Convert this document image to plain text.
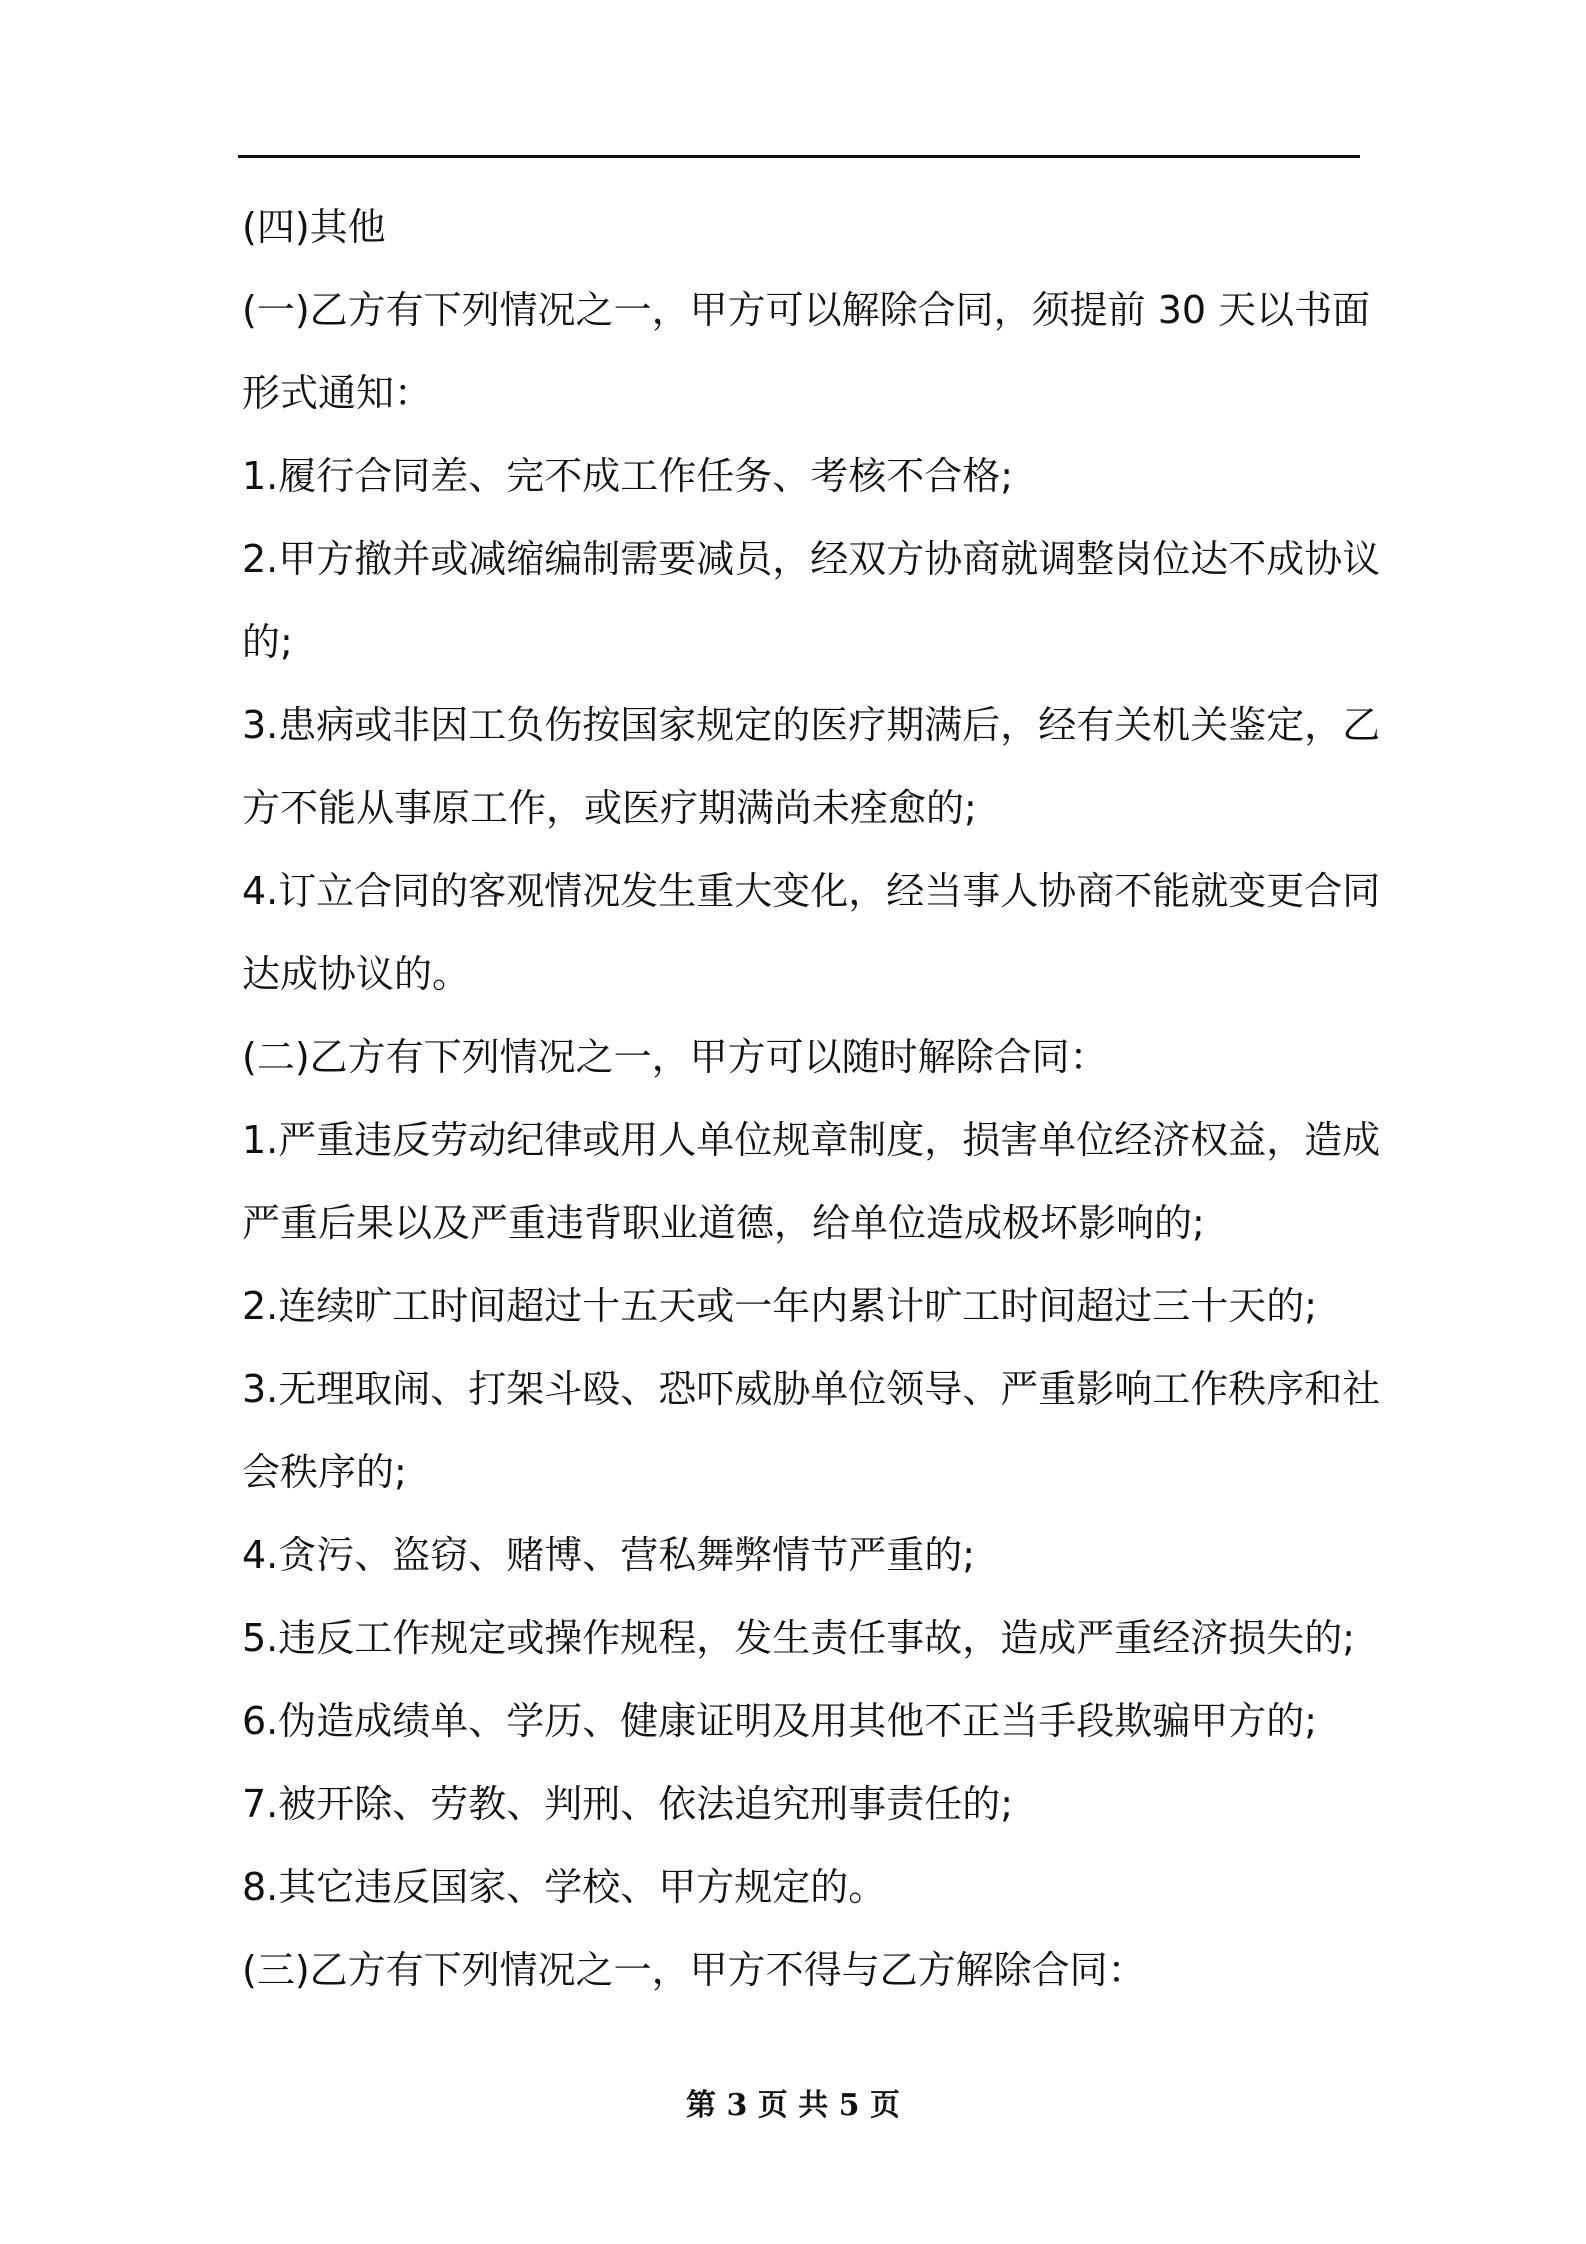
(四)其他
(一)乙方有下列情况之一，甲方可以解除合同，须提前 30 天以书面
形式通知：
1.履行合同差、完不成工作任务、考核不合格;
2.甲方撤并或减缩编制需要减员，经双方协商就调整岗位达不成协议
的;
3.患病或非因工负伤按国家规定的医疗期满后，经有关机关鉴定，乙
方不能从事原工作，或医疗期满尚未痊愈的;
4.订立合同的客观情况发生重大变化，经当事人协商不能就变更合同
达成协议的。
(二)乙方有下列情况之一，甲方可以随时解除合同：
1.严重违反劳动纪律或用人单位规章制度，损害单位经济权益，造成
严重后果以及严重违背职业道德，给单位造成极坏影响的;
2.连续旷工时间超过十五天或一年内累计旷工时间超过三十天的;
3.无理取闹、打架斗殴、恐吓威胁单位领导、严重影响工作秩序和社
会秩序的;
4.贪污、盗窃、赌博、营私舞弊情节严重的;
5.违反工作规定或操作规程，发生责任事故，造成严重经济损失的;
6.伪造成绩单、学历、健康证明及用其他不正当手段欺骗甲方的;
7.被开除、劳教、判刑、依法追究刑事责任的;
8.其它违反国家、学校、甲方规定的。
(三)乙方有下列情况之一，甲方不得与乙方解除合同：
第 3 页 共 5 页
